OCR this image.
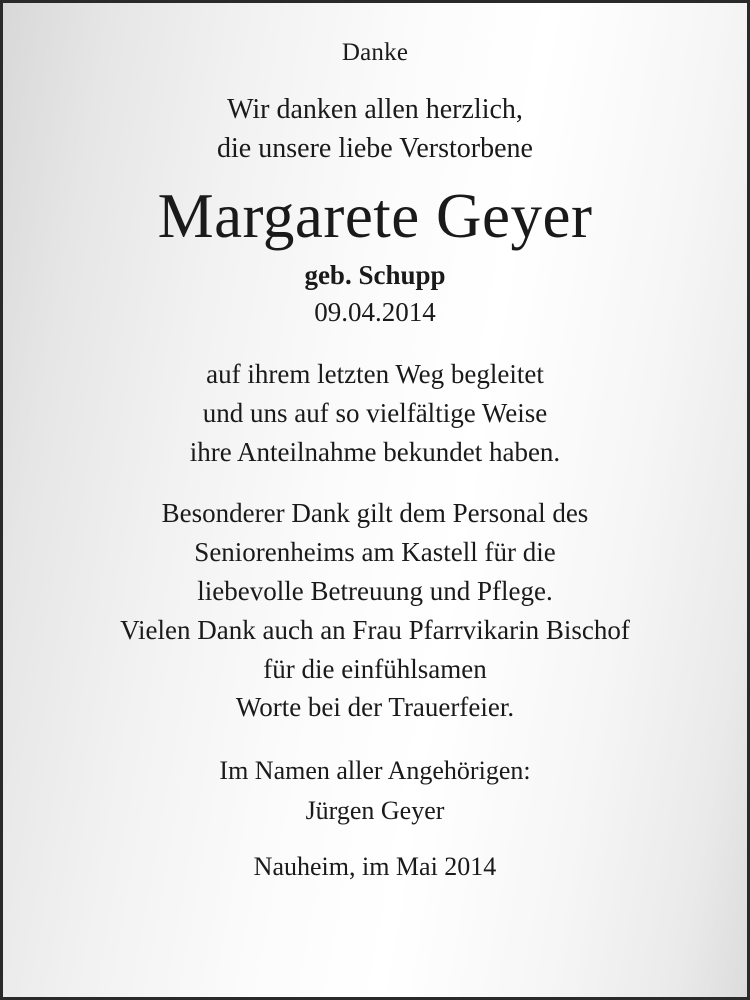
Danke
Wir danken allen herzlich,
die unsere liebe Verstorbene
Margarete Geyer
geb. Schupp
09.04.2014
auf ihrem letzten Weg begleitet
und uns auf so vielfältige Weise
ihre Anteilnahme bekundet haben.
Besonderer Dank gilt dem Personal des
Seniorenheims am Kastell für die
liebevolle Betreuung und Pflege.
Vielen Dank auch an Frau Pfarrvikarin Bischof
für die einfühlsamen
Worte bei der Trauerfeier.
Im Namen aller Angehörigen:
Jürgen Geyer
Nauheim, im Mai 2014
